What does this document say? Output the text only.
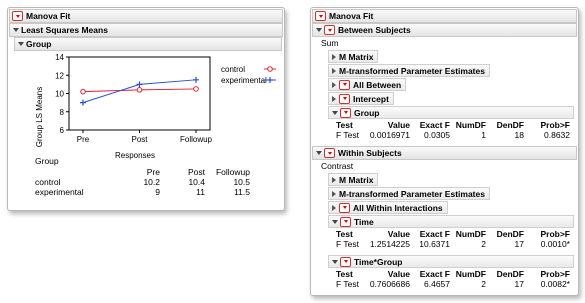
Manova Fit
Least Squares Means
Group
Group LS Means
Responses
14
12
10
8
6
Pre	Post	Followup
control
experimental
Group
	Pre	Post	Followup
control	10.2	10.4	10.5
experimental	9	11	11.5
Manova Fit
Between Subjects
Sum
M Matrix
M-transformed Parameter Estimates
All Between
Intercept
Group
Test	Value	Exact F	NumDF	DenDF	Prob>F
F Test	0.0016971	0.0305	1	18	0.8632
Within Subjects
Contrast
M Matrix
M-transformed Parameter Estimates
All Within Interactions
Time
Test	Value	Exact F	NumDF	DenDF	Prob>F
F Test	1.2514225	10.6371	2	17	0.0010*
Time*Group
Test	Value	Exact F	NumDF	DenDF	Prob>F
F Test	0.7606686	6.4657	2	17	0.0082*
